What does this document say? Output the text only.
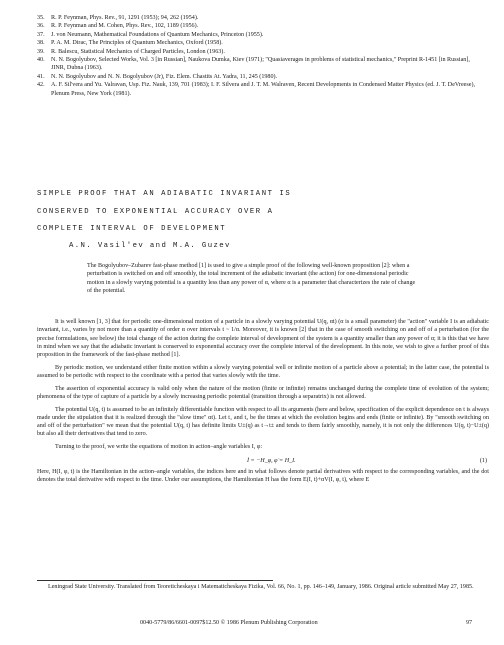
35. R. P. Feynman, Phys. Rev., 91, 1291 (1953); 94, 262 (1954).
36. R. P. Feynman and M. Cohen, Phys. Rev., 102, 1189 (1956).
37. J. von Neumann, Mathematical Foundations of Quantum Mechanics, Princeton (1955).
38. P. A. M. Dirac, The Principles of Quantum Mechanics, Oxford (1958).
39. R. Balescu, Statistical Mechanics of Charged Particles, London (1963).
40. N. N. Bogolyubov, Selected Works, Vol. 3 [in Russian], Naukova Dumka, Kiev (1971); "Quasiaverages in problems of statistical mechanics," Preprint R-1451 [in Russian], JINR, Dubna (1963).
41. N. N. Bogolyubov and N. N. Bogolyubov (Jr), Fiz. Elem. Chastits At. Yadra, 11, 245 (1980).
42. A. F. Sil'vera and Yu. Valravan, Usp. Fiz. Nauk, 139, 701 (1983); I. F. Silvera and J. T. M. Walraven, Recent Developments in Condensed Matter Physics (ed. J. T. DeVreese), Plenum Press, New York (1981).
SIMPLE PROOF THAT AN ADIABATIC INVARIANT IS
CONSERVED TO EXPONENTIAL ACCURACY OVER A
COMPLETE INTERVAL OF DEVELOPMENT
A.N. Vasil'ev and M.A. Guzev
The Bogolyubov–Zubarev fast-phase method [1] is used to give a simple proof of the following well-known proposition [2]: when a perturbation is switched on and off smoothly, the total increment of the adiabatic invariant (the action) for one-dimensional periodic motion in a slowly varying potential is a quantity less than any power of α, where α is a parameter that characterizes the rate of change of the potential.

It is well known [1, 3] that for periodic one-dimensional motion of a particle in a slowly varying potential U(q, αt) (α is a small parameter) the "action" variable I is an adiabatic invariant, i.e., varies by not more than a quantity of order α over intervals t ~ 1/α. Moreover, it is known [2] that in the case of smooth switching on and off of a perturbation (for the precise formulations, see below) the total change of the action during the complete interval of development of the system is a quantity smaller than any power of α; it is this that we have in mind when we say that the adiabatic invariant is conserved to exponential accuracy over the complete interval of the development. In this note, we wish to give a further proof of this proposition in the framework of the fast-phase method [1].

By periodic motion, we understand either finite motion within a slowly varying potential well or infinite motion of a particle above a potential; in the latter case, the potential is assumed to be periodic with respect to the coordinate with a period that varies slowly with the time.

The assertion of exponential accuracy is valid only when the nature of the motion (finite or infinite) remains unchanged during the complete time of evolution of the system; phenomena of the type of capture of a particle by a slowly increasing periodic potential (transition through a separatrix) is not allowed.

The potential U(q, t) is assumed to be an infinitely differentiable function with respect to all its arguments (here and below, specification of the explicit dependence on t is always made under the stipulation that it is realized through the "slow time" αt). Let t₁ and t₂ be the times at which the evolution begins and ends (finite or infinite). By "smooth switching on and off of the perturbation" we mean that the potential U(q, t) has definite limits U±(q) as t→t± and tends to them fairly smoothly, namely, it is not only the differences U(q, t)−U±(q) but also all their derivatives that tend to zero.

Turning to the proof, we write the equations of motion in action–angle variables I, φ:

İ = −H_φ, φ̇ = H_I.	(1)

Here, H(I, φ, t) is the Hamiltonian in the action–angle variables, the indices here and in what follows denote partial derivatives with respect to the corresponding variables, and the dot denotes the total derivative with respect to the time. Under our assumptions, the Hamiltonian H has the form E(I, t)+αV(I, φ, t), where E

Leningrad State University. Translated from Teoreticheskaya i Matematicheskaya Fizika, Vol. 66, No. 1, pp. 146–149, January, 1986. Original article submitted May 27, 1985.
0040-5779/86/6601-0097$12.50 © 1986 Plenum Publishing Corporation	97
